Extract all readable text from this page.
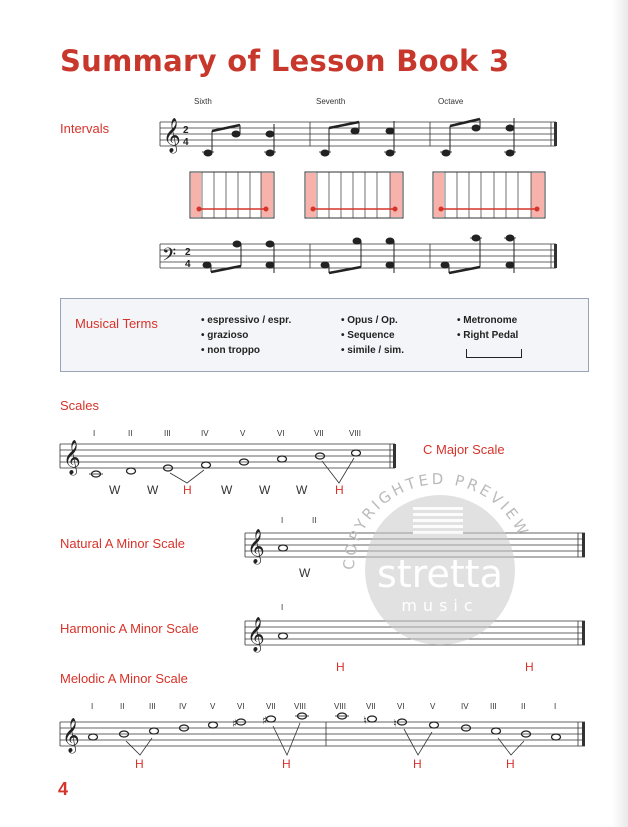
Summary of Lesson Book 3
Intervals
Sixth	Seventh	Octave
𝄞 2
4
𝄢 2
4
𝄞
𝄞
𝄞
𝄞	♯ ♯	♮ ♮
Musical Terms
•	espressivo / espr.
• grazioso
• non troppo
• Opus / Op.
• Sequence
• simile / sim.
• Metronome
• Right Pedal
Scales
I	II	III	IV	V	VI	VII	VIII
W W H W W W H
C Major Scale
Natural A Minor Scale
I	II
W
Harmonic A Minor Scale
I
H	H
Melodic A Minor Scale
I	II	III	IV	V	VI	VII VIII	VIII VII	VI	V	IV	III	II	I
H	H	H	H
COPYRIGHTED PREVIEW
stretta
music
4
